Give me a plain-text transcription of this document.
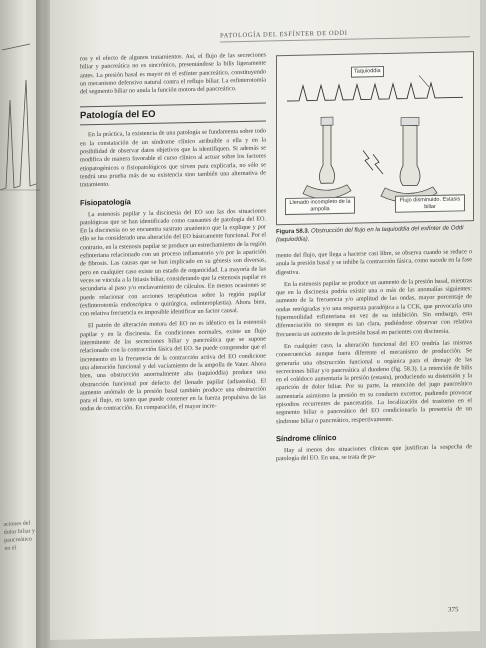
aciones del dolor biliar y pancreático en el
PATOLOGÍA DEL ESFÍNTER DE ODDI

ros y el efecto de algunos tratamientos. Así, el flujo de las secreciones biliar y pancreática no es sincrónico, presentándose la bilis ligeramente antes. La presión basal es mayor en el esfínter pancreático, constituyendo un mecanismo defensivo natural contra el reflujo biliar. La esfinterotomía del segmento biliar no anula la función motora del pancreático.

Patología del EO

En la práctica, la existencia de una patología se fundamenta sobre todo en la constatación de un síndrome clínico atribuible a ella y en la posibilidad de observar datos objetivos que la identifiquen. Si además se modifica de manera favorable el curso clínico al actuar sobre los factores etiopatogénicos o fisiopatológicos que sirven para explicarla, no sólo se tendrá una prueba más de su existencia sino también una alternativa de tratamiento.

Fisiopatología

La estenosis papilar y la discinesia del EO son las dos situaciones patológicas que se han identificado como causantes de patología del EO. En la discinesia no se encuentra sustrato anatómico que la explique y por ello se ha considerado una alteración del EO básicamente funcional. Por el contrario, en la estenosis papilar se produce un estrechamiento de la región esfinteriana relacionado con un proceso inflamatorio y/o por la aparición de fibrosis. Las causas que se han implicado en su génesis son diversas, pero en cualquier caso existe un estado de organicidad. La mayoría de las veces se vincula a la litiasis biliar, considerando que la estenosis papilar es secundaria al paso y/o enclavamiento de cálculos. En menos ocasiones se puede relacionar con acciones terapéuticas sobre la región papilar (esfinterotomía endoscópica o quirúrgica, esfinteroplastia). Ahora bien, con relativa frecuencia es imposible identificar un factor causal.

El patrón de alteración motora del EO no es idéntico en la estenosis papilar y en la discinesia. En condiciones normales, existe un flujo intermitente de las secreciones biliar y pancreática que se supone relacionado con la contracción fásica del EO. Se puede comprender que el incremento en la frecuencia de la contracción activa del EO condicione una alteración funcional y del vaciamiento de la ampolla de Vater. Ahora bien, una obstrucción anormalmente alta (taquioddia) produce una obstrucción funcional por defecto del llenado papilar (adiastolia). El aumento anómalo de la presión basal también produce una obstrucción para el flujo, en tanto que puede contener en la fuerza propulsiva de las ondas de contracción. En comparación, el mayor incre-

Taquioddia
Llenado incompleto de la ampolla
Flujo disminuido. Estasis biliar
Figura 58.3. Obstrucción del flujo en la taquioddia del esfínter de Oddi (taquioddia).

mento del flujo, que llega a hacerse casi libre, se observa cuando se reduce o anula la presión basal y se inhibe la contracción fásica, como sucede en la fase digestiva.

En la estenosis papilar se produce un aumento de la presión basal, mientras que en la discinesia podría existir una o más de las anomalías siguientes: aumento de la frecuencia y/o amplitud de las ondas, mayor porcentaje de ondas retrógradas y/o una respuesta paradójica a la CCK, que provocaría una hipermotilidad esfinteriana en vez de su inhibición. Sin embargo, esta diferenciación no siempre es tan clara, pudiéndose observar con relativa frecuencia un aumento de la presión basal en pacientes con discinesia.

En cualquier caso, la alteración funcional del EO tendría las mismas consecuencias aunque fuera diferente el mecanismo de producción. Se generaría una obstrucción funcional u orgánica para el drenaje de las secreciones biliar y/o pancreática al duodeno (fig. 58.3). La retención de bilis en el colédoco aumentaría la presión (estasis), produciendo su distensión y la aparición de dolor biliar. Por su parte, la retención del jugo pancreático aumentaría asimismo la presión en su conducto excretor, pudiendo provocar episodios recurrentes de pancreatitis. La localización del trastorno en el segmento biliar o pancreático del EO condicionaría la presencia de un síndrome biliar o pancreático, respectivamente.

Síndrome clínico

Hay al menos dos situaciones clínicas que justifican la sospecha de patología del EO. En una, se trata de pa-

375
